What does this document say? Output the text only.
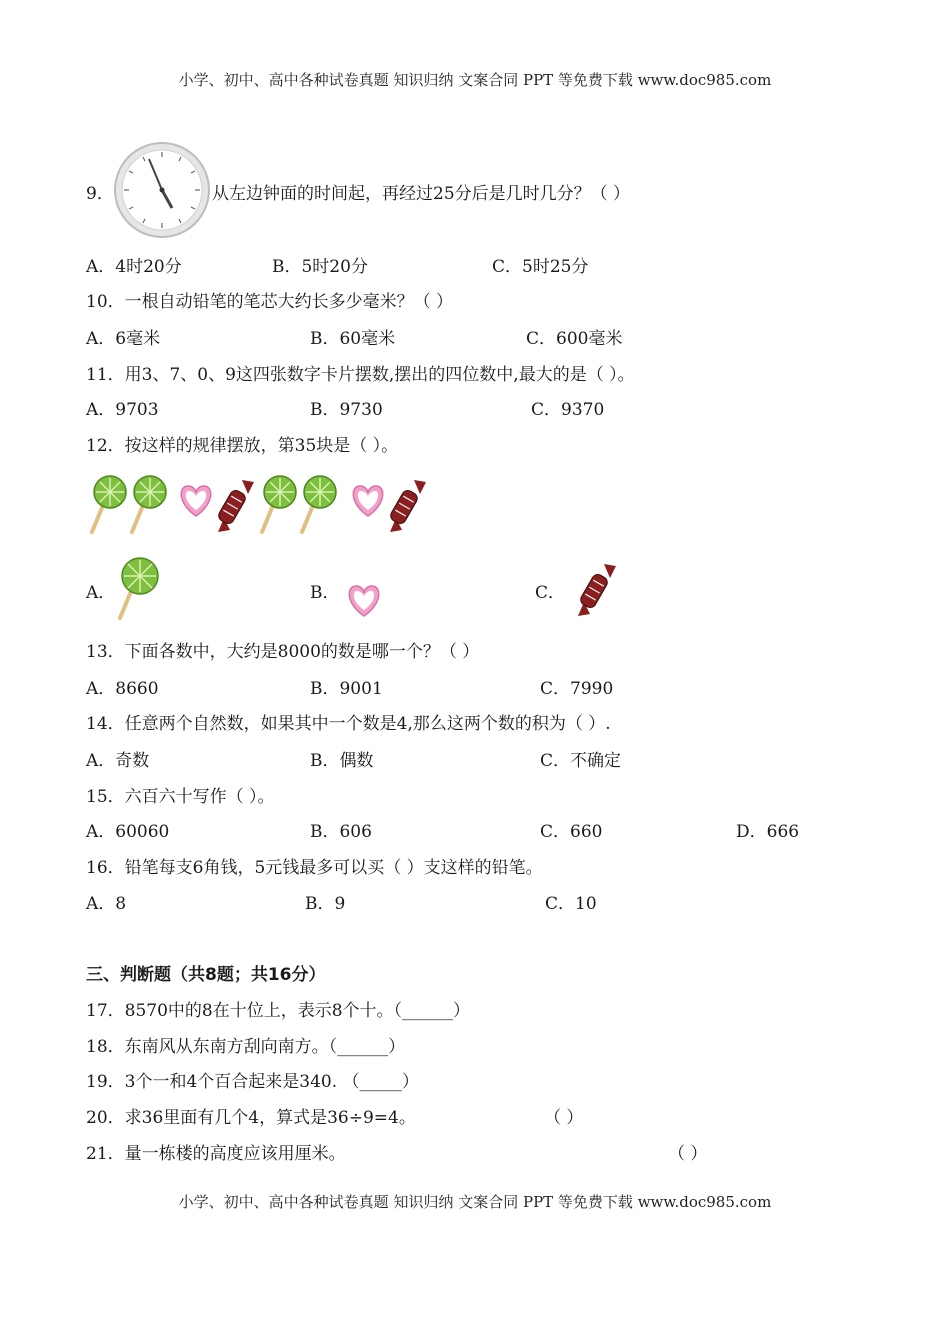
小学、初中、高中各种试卷真题 知识归纳 文案合同 PPT 等免费下载 www.doc985.com
9．	从左边钟面的时间起，再经过25分后是几时几分？（ ）
A．4时20分	B．5时20分	C．5时25分
10．一根自动铅笔的笔芯大约长多少毫米？（ ）
A．6毫米	B．60毫米	C．600毫米
11．用3、7、0、9这四张数字卡片摆数,摆出的四位数中,最大的是（ ）。
A．9703	B．9730	C．9370
12．按这样的规律摆放，第35块是（ ）。
A．	B．	C．
13．下面各数中，大约是8000的数是哪一个？（ ）
A．8660	B．9001	C．7990
14．任意两个自然数，如果其中一个数是4,那么这两个数的积为（ ）.
A．奇数	B．偶数	C．不确定
15．六百六十写作（ ）。
A．60060	B．606	C．660	D．666
16．铅笔每支6角钱，5元钱最多可以买（ ）支这样的铅笔。
A．8	B．9	C．10
三、判断题（共8题；共16分）
17．8570中的8在十位上，表示8个十。（______）
18．东南风从东南方刮向南方。（______）
19．3个一和4个百合起来是340. （_____）
20．求36里面有几个4，算式是36÷9=4。	（ ）
21．量一栋楼的高度应该用厘米。	（ ）
小学、初中、高中各种试卷真题 知识归纳 文案合同 PPT 等免费下载 www.doc985.com
